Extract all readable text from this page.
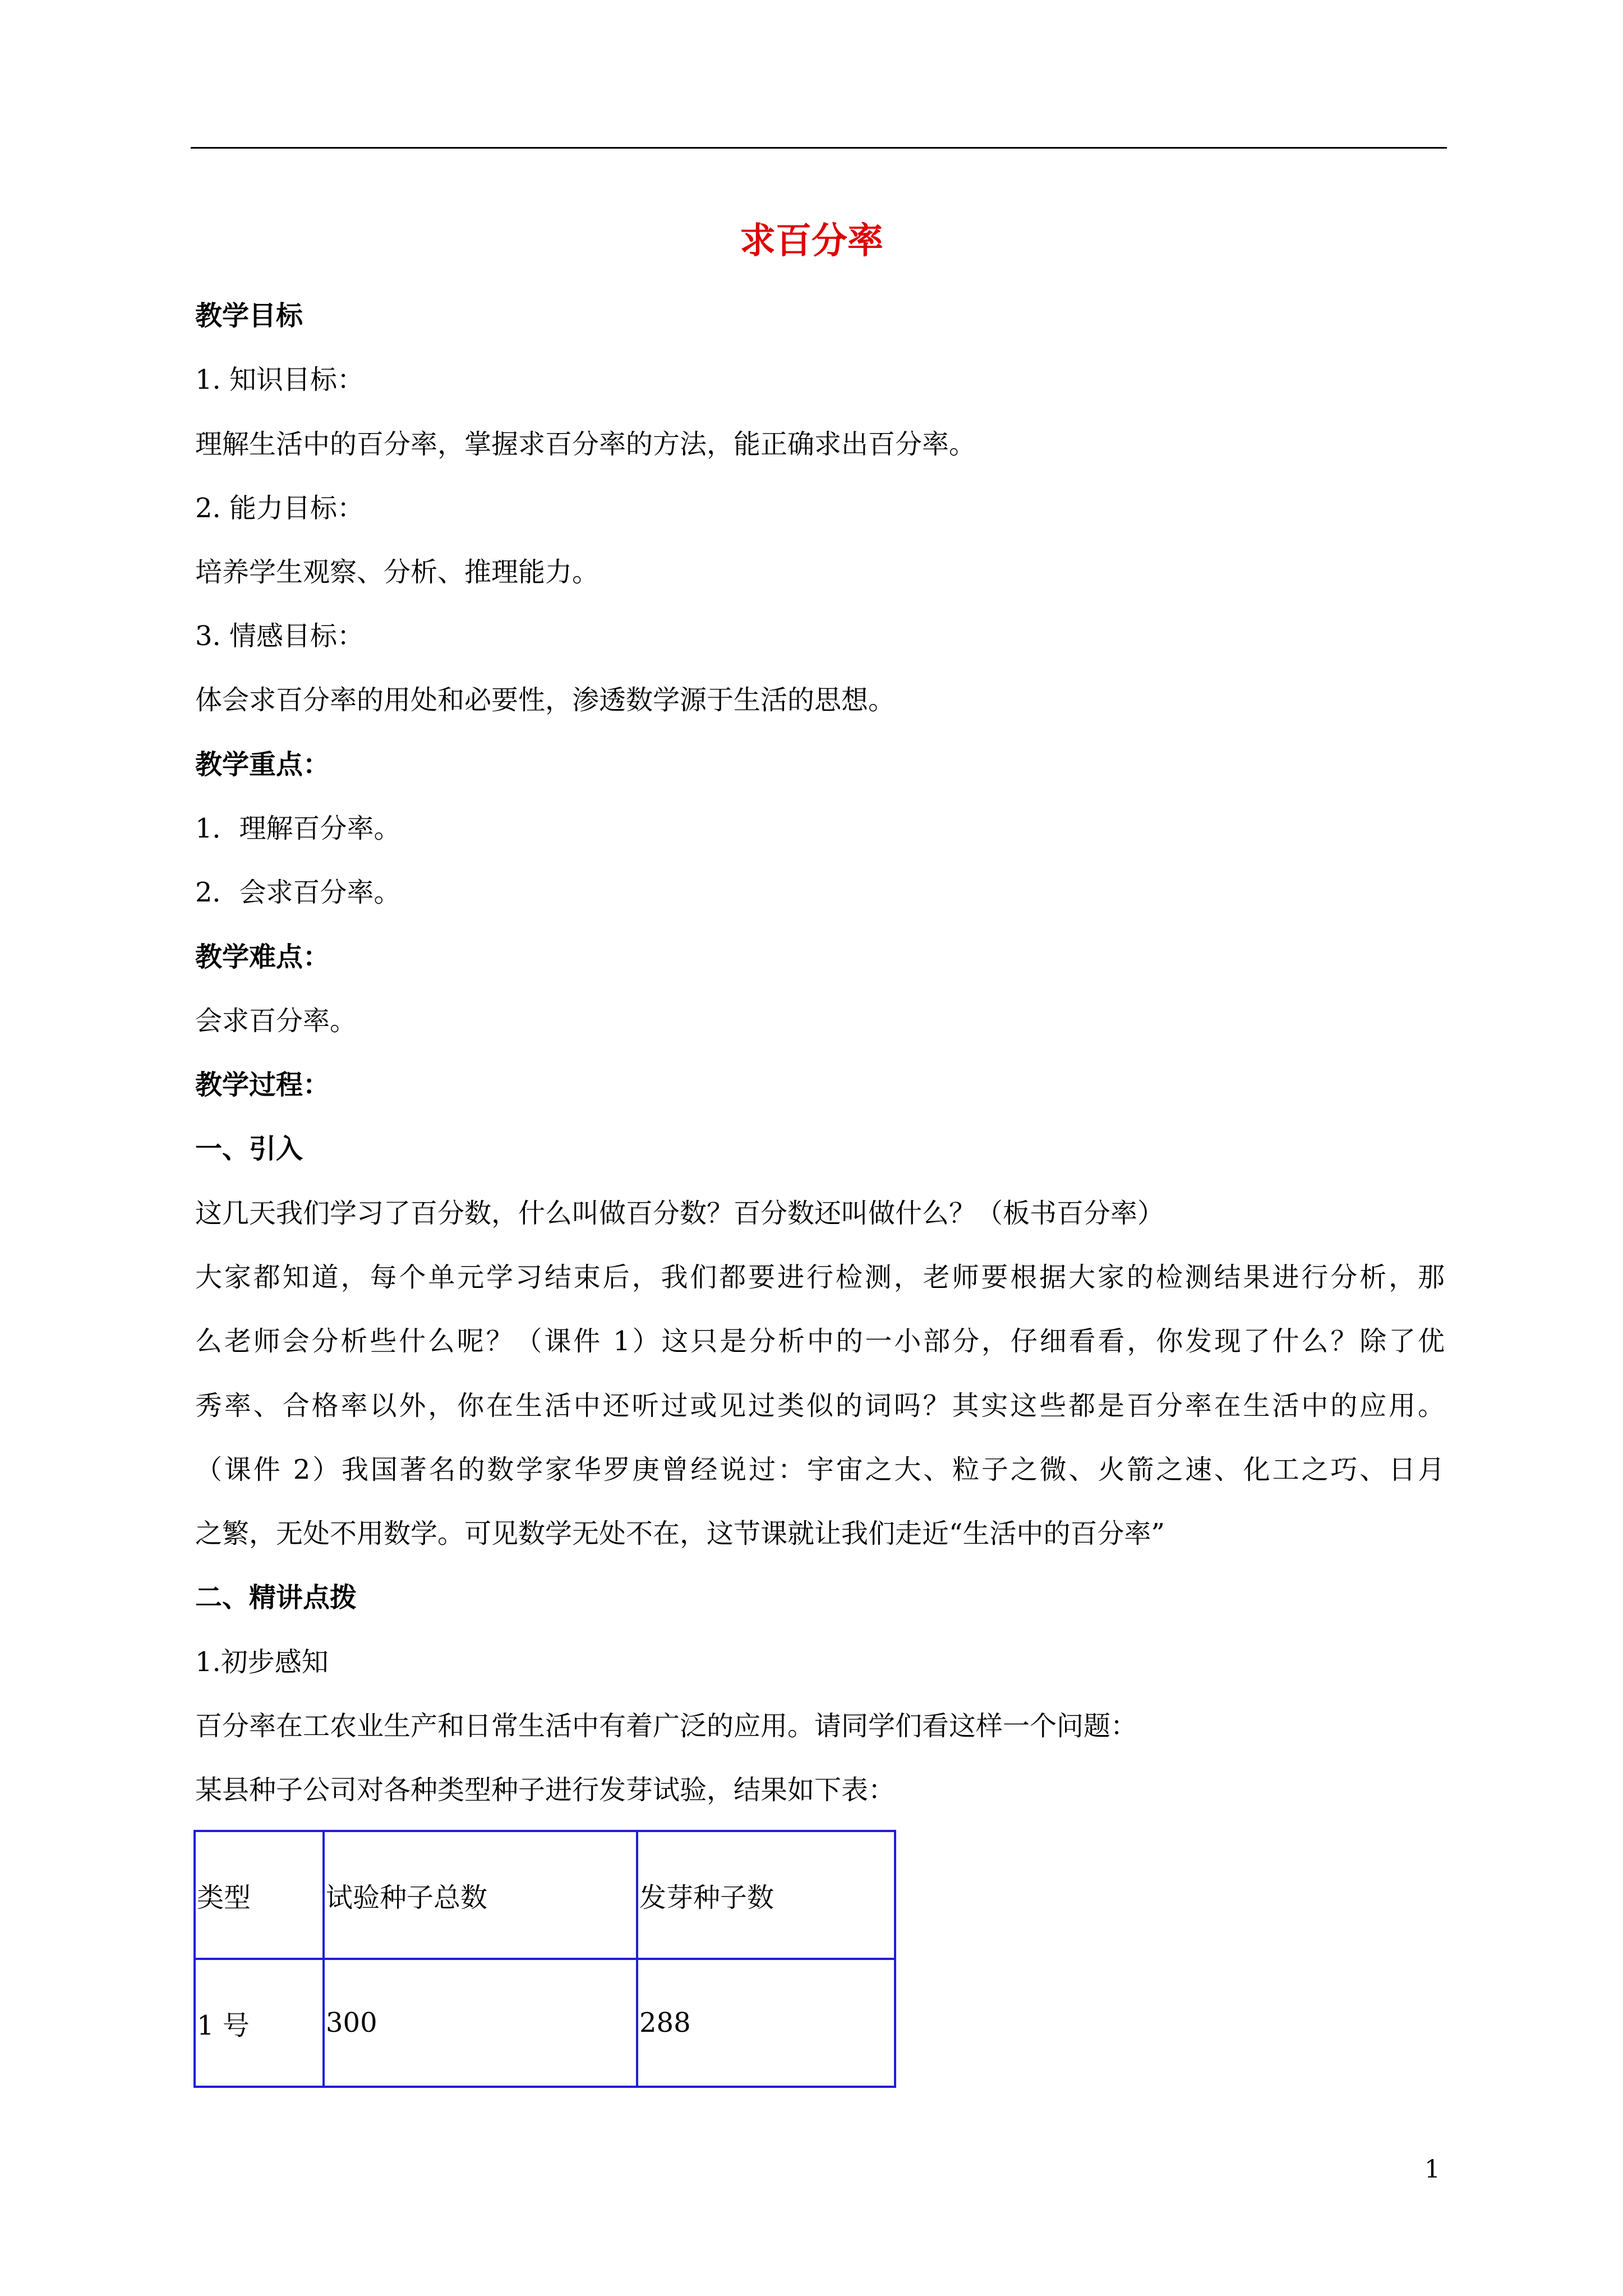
求百分率
教学目标
1. 知识目标：
理解生活中的百分率，掌握求百分率的方法，能正确求出百分率。
2. 能力目标：
培养学生观察、分析、推理能力。
3. 情感目标：
体会求百分率的用处和必要性，渗透数学源于生活的思想。
教学重点：
1．理解百分率。
2．会求百分率。
教学难点：
会求百分率。
教学过程：
一、引入
这几天我们学习了百分数，什么叫做百分数？百分数还叫做什么？（板书百分率）
大家都知道，每个单元学习结束后，我们都要进行检测，老师要根据大家的检测结果进行分析，那
么老师会分析些什么呢？（课件 1）这只是分析中的一小部分，仔细看看，你发现了什么？除了优
秀率、合格率以外，你在生活中还听过或见过类似的词吗？其实这些都是百分率在生活中的应用。
（课件 2）我国著名的数学家华罗庚曾经说过：宇宙之大、粒子之微、火箭之速、化工之巧、日月
之繁，无处不用数学。可见数学无处不在，这节课就让我们走近“生活中的百分率”
二、精讲点拨
1.初步感知
百分率在工农业生产和日常生活中有着广泛的应用。请同学们看这样一个问题：
某县种子公司对各种类型种子进行发芽试验，结果如下表：
类型	试验种子总数	发芽种子数
1 号	300	288
1
